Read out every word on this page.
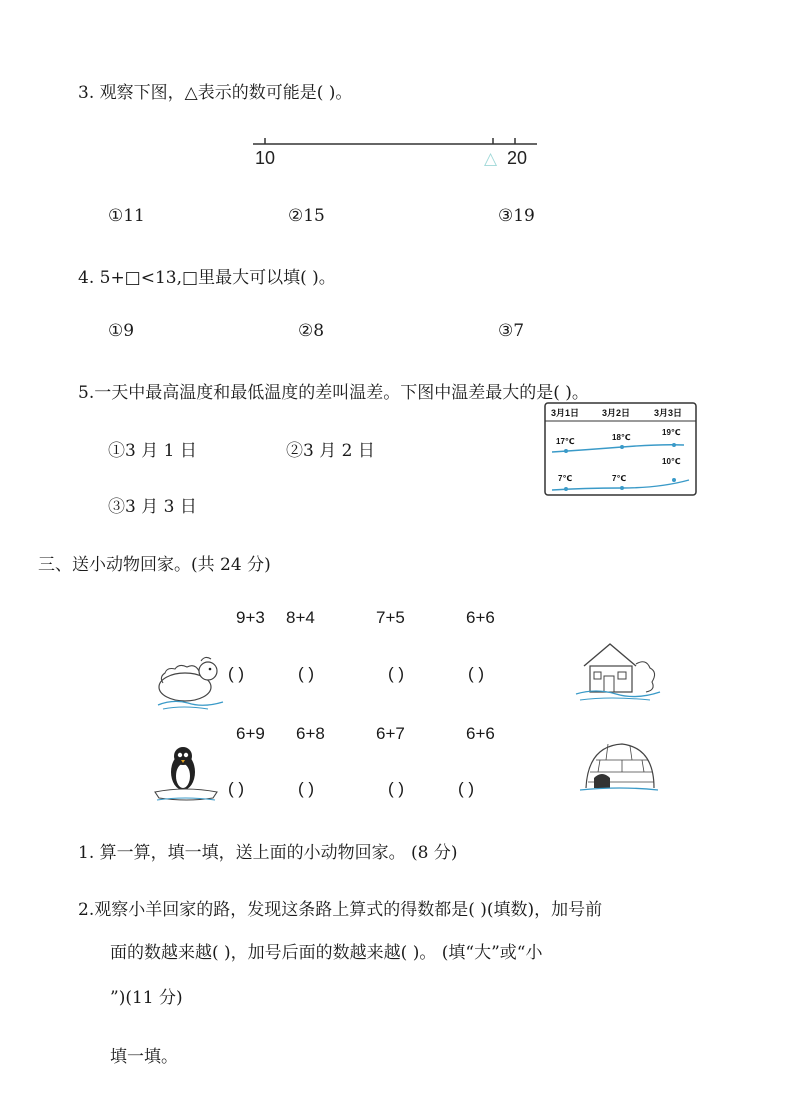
3. 观察下图，△表示的数可能是( )。
10	△ 20
①11	②15	③19
4. 5+□<13,□里最大可以填( )。
①9	②8	③7
5.一天中最高温度和最低温度的差叫温差。下图中温差最大的是( )。
①3 月 1 日	②3 月 2 日
③3 月 3 日
3月1日	3月2日	3月3日
17℃	18℃
19℃
7℃	7℃
10℃
三、送小动物回家。(共 24 分)
9+3 8+4	7+5	6+6
( )	( )	( )	( )
6+9 6+8	6+7	6+6
( )	( )	( )	( )
1. 算一算，填一填，送上面的小动物回家。 (8 分)
2.观察小羊回家的路，发现这条路上算式的得数都是( )(填数)，加号前
面的数越来越( )，加号后面的数越来越( )。 (填“大”或“小
”)(11 分)
填一填。
